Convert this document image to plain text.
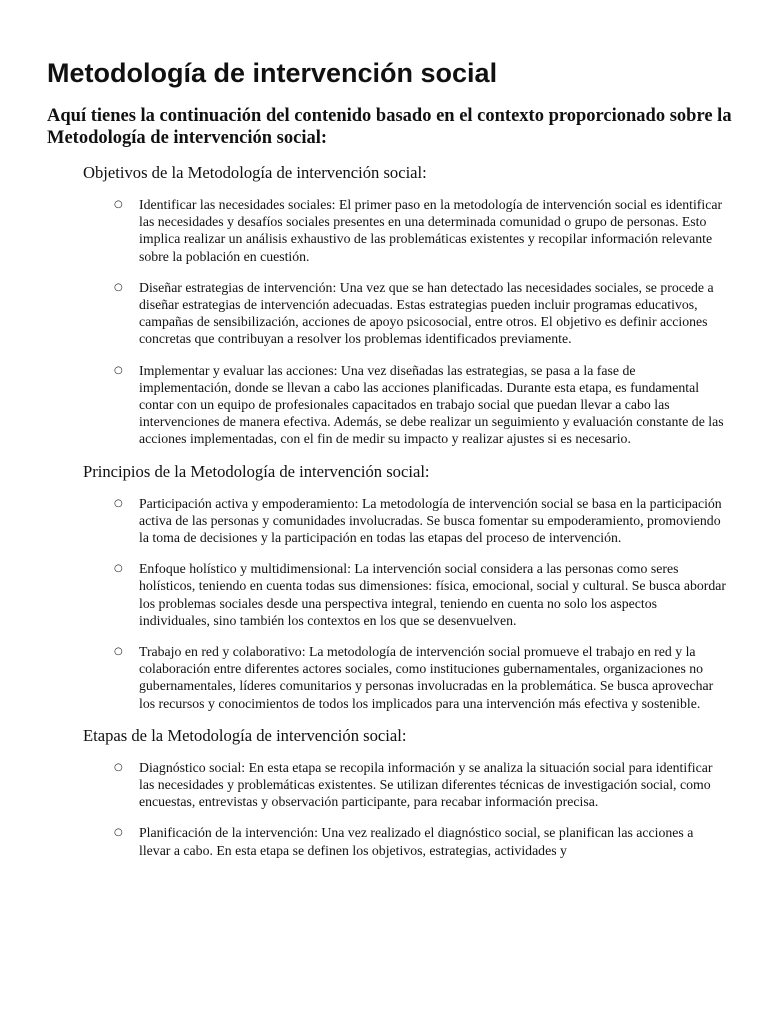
Metodología de intervención social

Aquí tienes la continuación del contenido basado en el contexto proporcionado sobre la Metodología de intervención social:

Objetivos de la Metodología de intervención social:
○ Identificar las necesidades sociales: El primer paso en la metodología de intervención social es identificar las necesidades y desafíos sociales presentes en una determinada comunidad o grupo de personas. Esto implica realizar un análisis exhaustivo de las problemáticas existentes y recopilar información relevante sobre la población en cuestión.
○ Diseñar estrategias de intervención: Una vez que se han detectado las necesidades sociales, se procede a diseñar estrategias de intervención adecuadas. Estas estrategias pueden incluir programas educativos, campañas de sensibilización, acciones de apoyo psicosocial, entre otros. El objetivo es definir acciones concretas que contribuyan a resolver los problemas identificados previamente.
○ Implementar y evaluar las acciones: Una vez diseñadas las estrategias, se pasa a la fase de implementación, donde se llevan a cabo las acciones planificadas. Durante esta etapa, es fundamental contar con un equipo de profesionales capacitados en trabajo social que puedan llevar a cabo las intervenciones de manera efectiva. Además, se debe realizar un seguimiento y evaluación constante de las acciones implementadas, con el fin de medir su impacto y realizar ajustes si es necesario.
Principios de la Metodología de intervención social:
○ Participación activa y empoderamiento: La metodología de intervención social se basa en la participación activa de las personas y comunidades involucradas. Se busca fomentar su empoderamiento, promoviendo la toma de decisiones y la participación en todas las etapas del proceso de intervención.
○ Enfoque holístico y multidimensional: La intervención social considera a las personas como seres holísticos, teniendo en cuenta todas sus dimensiones: física, emocional, social y cultural. Se busca abordar los problemas sociales desde una perspectiva integral, teniendo en cuenta no solo los aspectos individuales, sino también los contextos en los que se desenvuelven.
○ Trabajo en red y colaborativo: La metodología de intervención social promueve el trabajo en red y la colaboración entre diferentes actores sociales, como instituciones gubernamentales, organizaciones no gubernamentales, líderes comunitarios y personas involucradas en la problemática. Se busca aprovechar los recursos y conocimientos de todos los implicados para una intervención más efectiva y sostenible.
Etapas de la Metodología de intervención social:
○ Diagnóstico social: En esta etapa se recopila información y se analiza la situación social para identificar las necesidades y problemáticas existentes. Se utilizan diferentes técnicas de investigación social, como encuestas, entrevistas y observación participante, para recabar información precisa.
○ Planificación de la intervención: Una vez realizado el diagnóstico social, se planifican las acciones a llevar a cabo. En esta etapa se definen los objetivos, estrategias, actividades y
